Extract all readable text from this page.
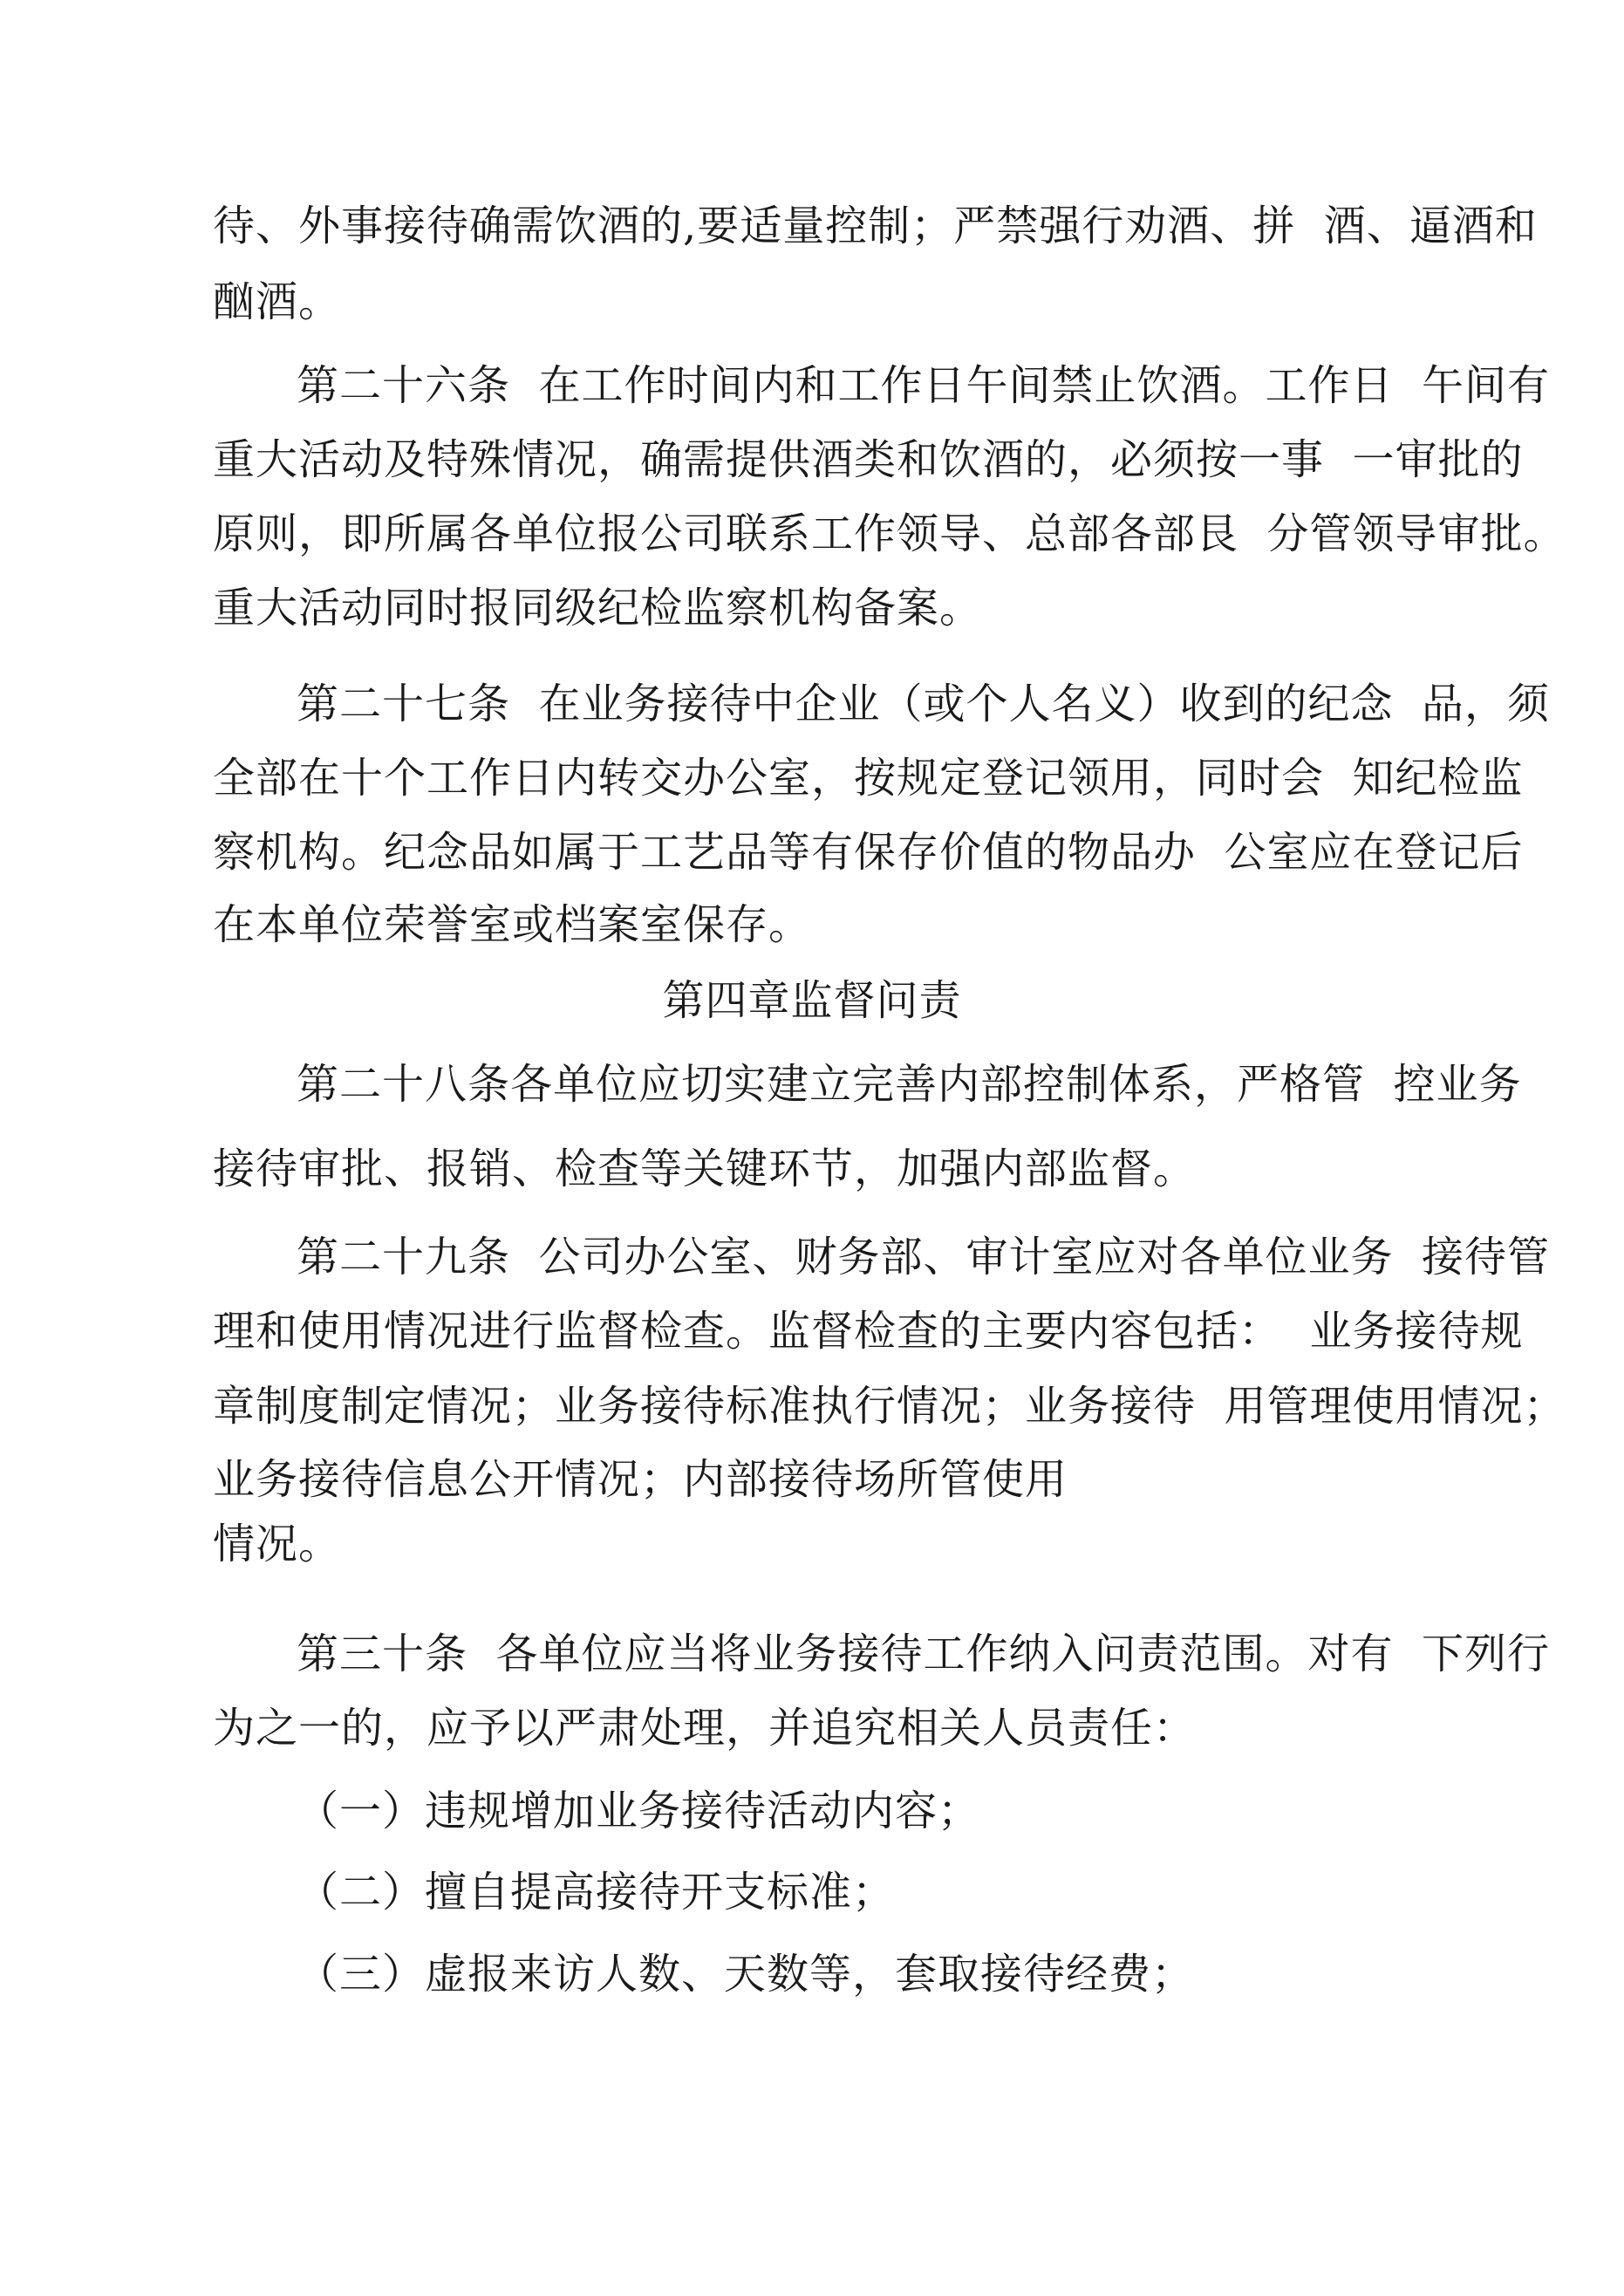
待、外事接待确需饮酒的,要适量控制；严禁强行劝酒、拼  酒、逼酒和
酗酒。
第二十六条  在工作时间内和工作日午间禁止饮酒。工作日  午间有
重大活动及特殊情况，确需提供酒类和饮酒的，必须按一事  一审批的
原则，即所属各单位报公司联系工作领导、总部各部艮  分管领导审批。
重大活动同时报同级纪检监察机构备案。
第二十七条  在业务接待中企业（或个人名义）收到的纪念  品，须
全部在十个工作日内转交办公室，按规定登记领用，同时会  知纪检监
察机构。纪念品如属于工艺品等有保存价值的物品办  公室应在登记后
在本单位荣誉室或档案室保存。
第四章监督问责
第二十八条各单位应切实建立完善内部控制体系，严格管  控业务
接待审批、报销、检查等关键环节，加强内部监督。
第二十九条  公司办公室、财务部、审计室应对各单位业务  接待管
理和使用情况进行监督检查。监督检查的主要内容包括：  业务接待规
章制度制定情况；业务接待标准执行情况；业务接待  用管理使用情况；
业务接待信息公开情况；内部接待场所管使用
情况。
第三十条  各单位应当将业务接待工作纳入问责范围。对有  下列行
为之一的，应予以严肃处理，并追究相关人员责任：
（一）违规增加业务接待活动内容；
（二）擅自提高接待开支标准；
（三）虚报来访人数、天数等，套取接待经费；
